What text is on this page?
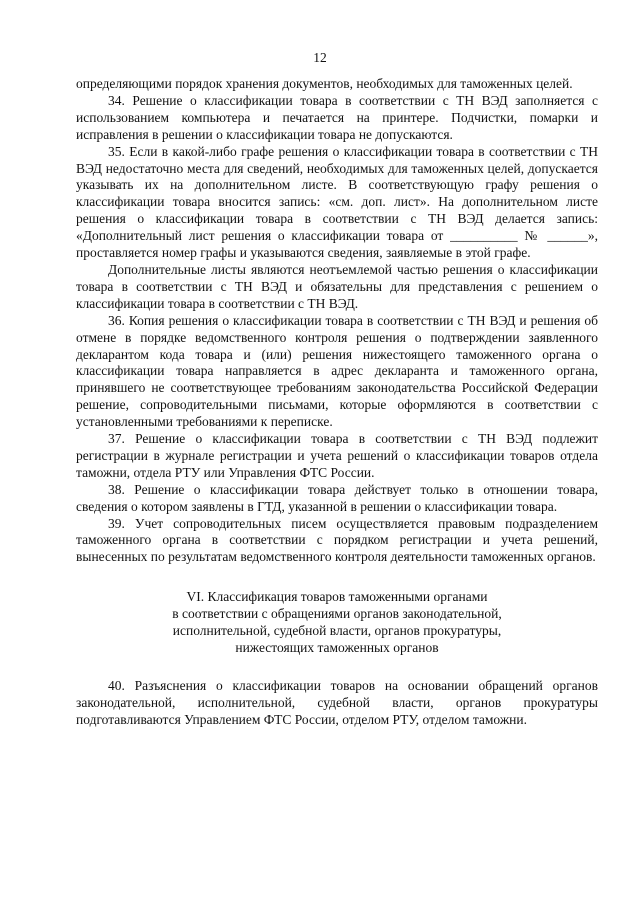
12

определяющими порядок хранения документов, необходимых для таможенных целей.

34. Решение о классификации товара в соответствии с ТН ВЭД заполняется с использованием компьютера и печатается на принтере. Подчистки, помарки и исправления в решении о классификации товара не допускаются.

35. Если в какой-либо графе решения о классификации товара в соответствии с ТН ВЭД недостаточно места для сведений, необходимых для таможенных целей, допускается указывать их на дополнительном листе. В соответствующую графу решения о классификации товара вносится запись: «см. доп. лист». На дополнительном листе решения о классификации товара в соответствии с ТН ВЭД делается запись: «Дополнительный лист решения о классификации товара от __________ № ______», проставляется номер графы и указываются сведения, заявляемые в этой графе.

Дополнительные листы являются неотъемлемой частью решения о классификации товара в соответствии с ТН ВЭД и обязательны для представления с решением о классификации товара в соответствии с ТН ВЭД.

36. Копия решения о классификации товара в соответствии с ТН ВЭД и решения об отмене в порядке ведомственного контроля решения о подтверждении заявленного декларантом кода товара и (или) решения нижестоящего таможенного органа о классификации товара направляется в адрес декларанта и таможенного органа, принявшего не соответствующее требованиям законодательства Российской Федерации решение, сопроводительными письмами, которые оформляются в соответствии с установленными требованиями к переписке.

37. Решение о классификации товара в соответствии с ТН ВЭД подлежит регистрации в журнале регистрации и учета решений о классификации товаров отдела таможни, отдела РТУ или Управления ФТС России.

38. Решение о классификации товара действует только в отношении товара, сведения о котором заявлены в ГТД, указанной в решении о классификации товара.

39. Учет сопроводительных писем осуществляется правовым подразделением таможенного органа в соответствии с порядком регистрации и учета решений, вынесенных по результатам ведомственного контроля деятельности таможенных органов.

VI. Классификация товаров таможенными органами
в соответствии с обращениями органов законодательной,
исполнительной, судебной власти, органов прокуратуры,
нижестоящих таможенных органов

40. Разъяснения о классификации товаров на основании обращений органов законодательной, исполнительной, судебной власти, органов прокуратуры подготавливаются Управлением ФТС России, отделом РТУ, отделом таможни.
